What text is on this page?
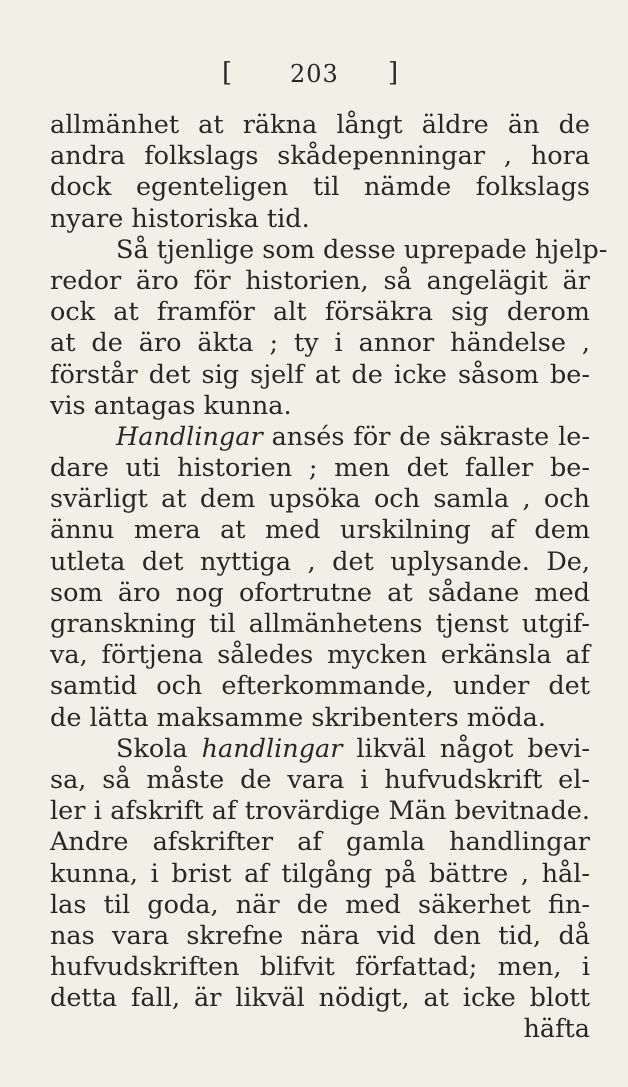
[ 203 ]
allmänhet at räkna långt äldre än de
andra folkslags skådepenningar , hora
dock egenteligen til nämde folkslags
nyare historiska tid.
Så tjenlige som desse uprepade hjelp-
redor äro för historien, så angelägit är
ock at framför alt försäkra sig derom
at de äro äkta ; ty i annor händelse ,
förstår det sig sjelf at de icke såsom be-
vis antagas kunna.
Handlingar ansés för de säkraste le-
dare uti historien ; men det faller be-
svärligt at dem upsöka och samla , och
ännu mera at med urskilning af dem
utleta det nyttiga , det uplysande. De,
som äro nog ofortrutne at sådane med
granskning til allmänhetens tjenst utgif-
va, förtjena således mycken erkänsla af
samtid och efterkommande, under det
de lätta maksamme skribenters möda.
Skola handlingar likväl något bevi-
sa, så måste de vara i hufvudskrift el-
ler i afskrift af trovärdige Män bevitnade.
Andre afskrifter af gamla handlingar
kunna, i brist af tilgång på bättre , hål-
las til goda, när de med säkerhet fin-
nas vara skrefne nära vid den tid, då
hufvudskriften blifvit författad; men, i
detta fall, är likväl nödigt, at icke blott
häfta
